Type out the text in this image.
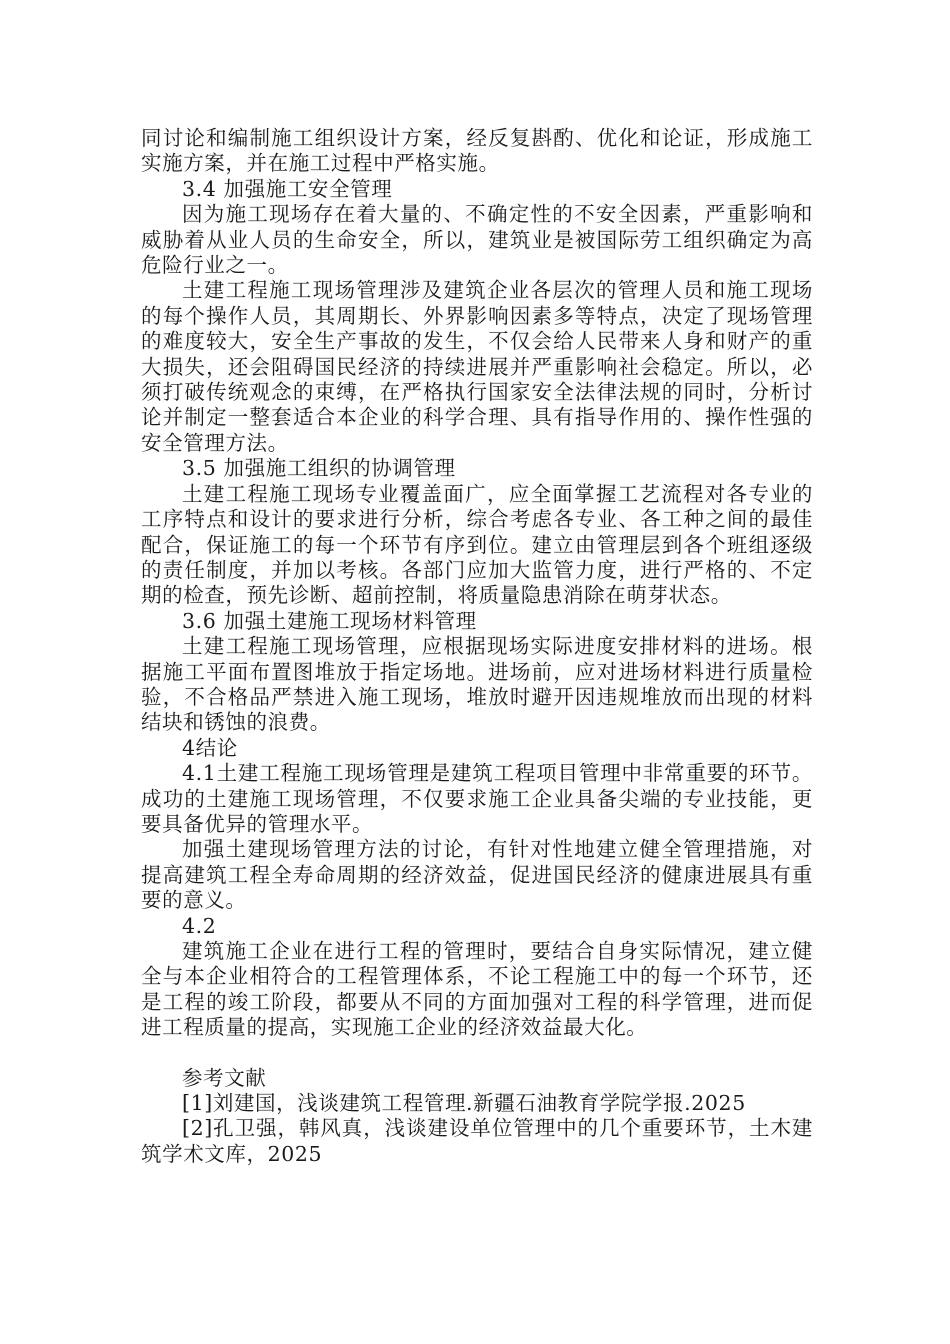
同讨论和编制施工组织设计方案，经反复斟酌、优化和论证，形成施工实施方案，并在施工过程中严格实施。

3.4 加强施工安全管理

因为施工现场存在着大量的、不确定性的不安全因素，严重影响和威胁着从业人员的生命安全，所以，建筑业是被国际劳工组织确定为高危险行业之一。

土建工程施工现场管理涉及建筑企业各层次的管理人员和施工现场的每个操作人员，其周期长、外界影响因素多等特点，决定了现场管理的难度较大，安全生产事故的发生，不仅会给人民带来人身和财产的重大损失，还会阻碍国民经济的持续进展并严重影响社会稳定。所以，必须打破传统观念的束缚，在严格执行国家安全法律法规的同时，分析讨论并制定一整套适合本企业的科学合理、具有指导作用的、操作性强的安全管理方法。

3.5 加强施工组织的协调管理

土建工程施工现场专业覆盖面广，应全面掌握工艺流程对各专业的工序特点和设计的要求进行分析，综合考虑各专业、各工种之间的最佳配合，保证施工的每一个环节有序到位。建立由管理层到各个班组逐级的责任制度，并加以考核。各部门应加大监管力度，进行严格的、不定期的检查，预先诊断、超前控制，将质量隐患消除在萌芽状态。

3.6 加强土建施工现场材料管理

土建工程施工现场管理，应根据现场实际进度安排材料的进场。根据施工平面布置图堆放于指定场地。进场前，应对进场材料进行质量检验，不合格品严禁进入施工现场，堆放时避开因违规堆放而出现的材料结块和锈蚀的浪费。

4结论

4.1土建工程施工现场管理是建筑工程项目管理中非常重要的环节。成功的土建施工现场管理，不仅要求施工企业具备尖端的专业技能，更要具备优异的管理水平。

加强土建现场管理方法的讨论，有针对性地建立健全管理措施，对提高建筑工程全寿命周期的经济效益，促进国民经济的健康进展具有重要的意义。

4.2

建筑施工企业在进行工程的管理时，要结合自身实际情况，建立健全与本企业相符合的工程管理体系，不论工程施工中的每一个环节，还是工程的竣工阶段，都要从不同的方面加强对工程的科学管理，进而促进工程质量的提高，实现施工企业的经济效益最大化。

参考文献

[1]刘建国，浅谈建筑工程管理.新疆石油教育学院学报.2025

[2]孔卫强，韩风真，浅谈建设单位管理中的几个重要环节，土木建筑学术文库，2025
